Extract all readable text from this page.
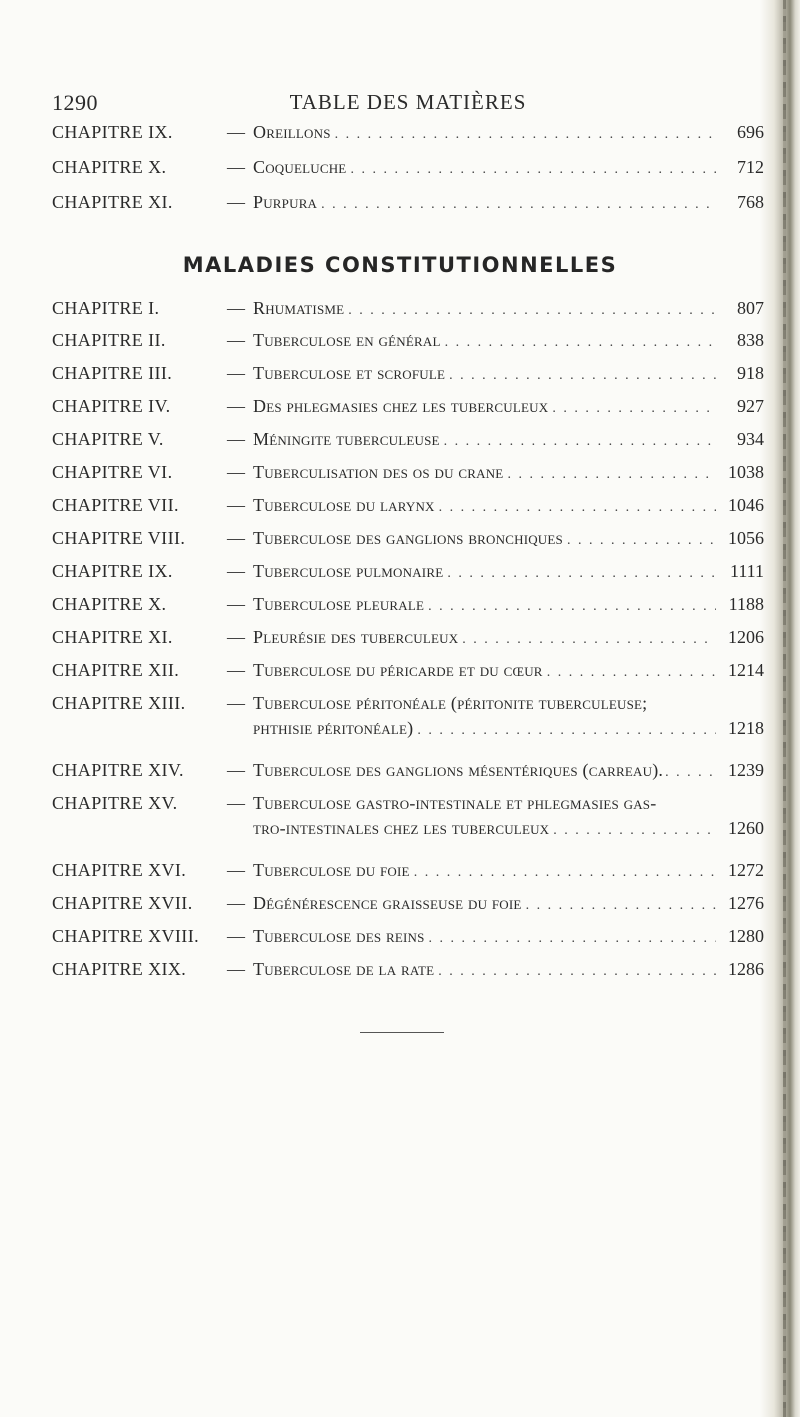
1290	TABLE DES MATIÈRES
CHAPITRE IX.	— Oreillons . . .	696
CHAPITRE X.	— Coqueluche . . .	712
CHAPITRE XI.	— Purpura . . .	768
MALADIES CONSTITUTIONNELLES
CHAPITRE I.	— Rhumatisme . . .	807
CHAPITRE II.	— Tuberculose en général . . .	838
CHAPITRE III.	— Tuberculose et scrofule . . .	918
CHAPITRE IV.	— Des phlegmasies chez les tuberculeux . . .	927
CHAPITRE V.	— Méningite tuberculeuse . . .	934
CHAPITRE VI.	— Tuberculisation des os du crane . . .	1038
CHAPITRE VII.	— Tuberculose du larynx . . .	1046
CHAPITRE VIII. — Tuberculose des ganglions bronchiques . . .	1056
CHAPITRE IX.	— Tuberculose pulmonaire . . .	1111
CHAPITRE X.	— Tuberculose pleurale . . .	1188
CHAPITRE XI.	— Pleurésie des tuberculeux . . .	1206
CHAPITRE XII.	— Tuberculose du péricarde et du cœur . . .	1214
CHAPITRE XIII. — Tuberculose péritonéale (péritonite tuberculeuse;
phthisie péritonéale) . . .	1218
CHAPITRE XIV. — Tuberculose des ganglions mésentériques (carreau). . . .	1239
CHAPITRE XV.	— Tuberculose gastro-intestinale et phlegmasies gas-
tro-intestinales chez les tuberculeux . . .	1260
CHAPITRE XVI. — Tuberculose du foie . . .	1272
CHAPITRE XVII. — Dégénérescence graisseuse du foie . . .	1276
CHAPITRE XVIII. — Tuberculose des reins . . .	1280
CHAPITRE XIX. — Tuberculose de la rate . . .	1286
